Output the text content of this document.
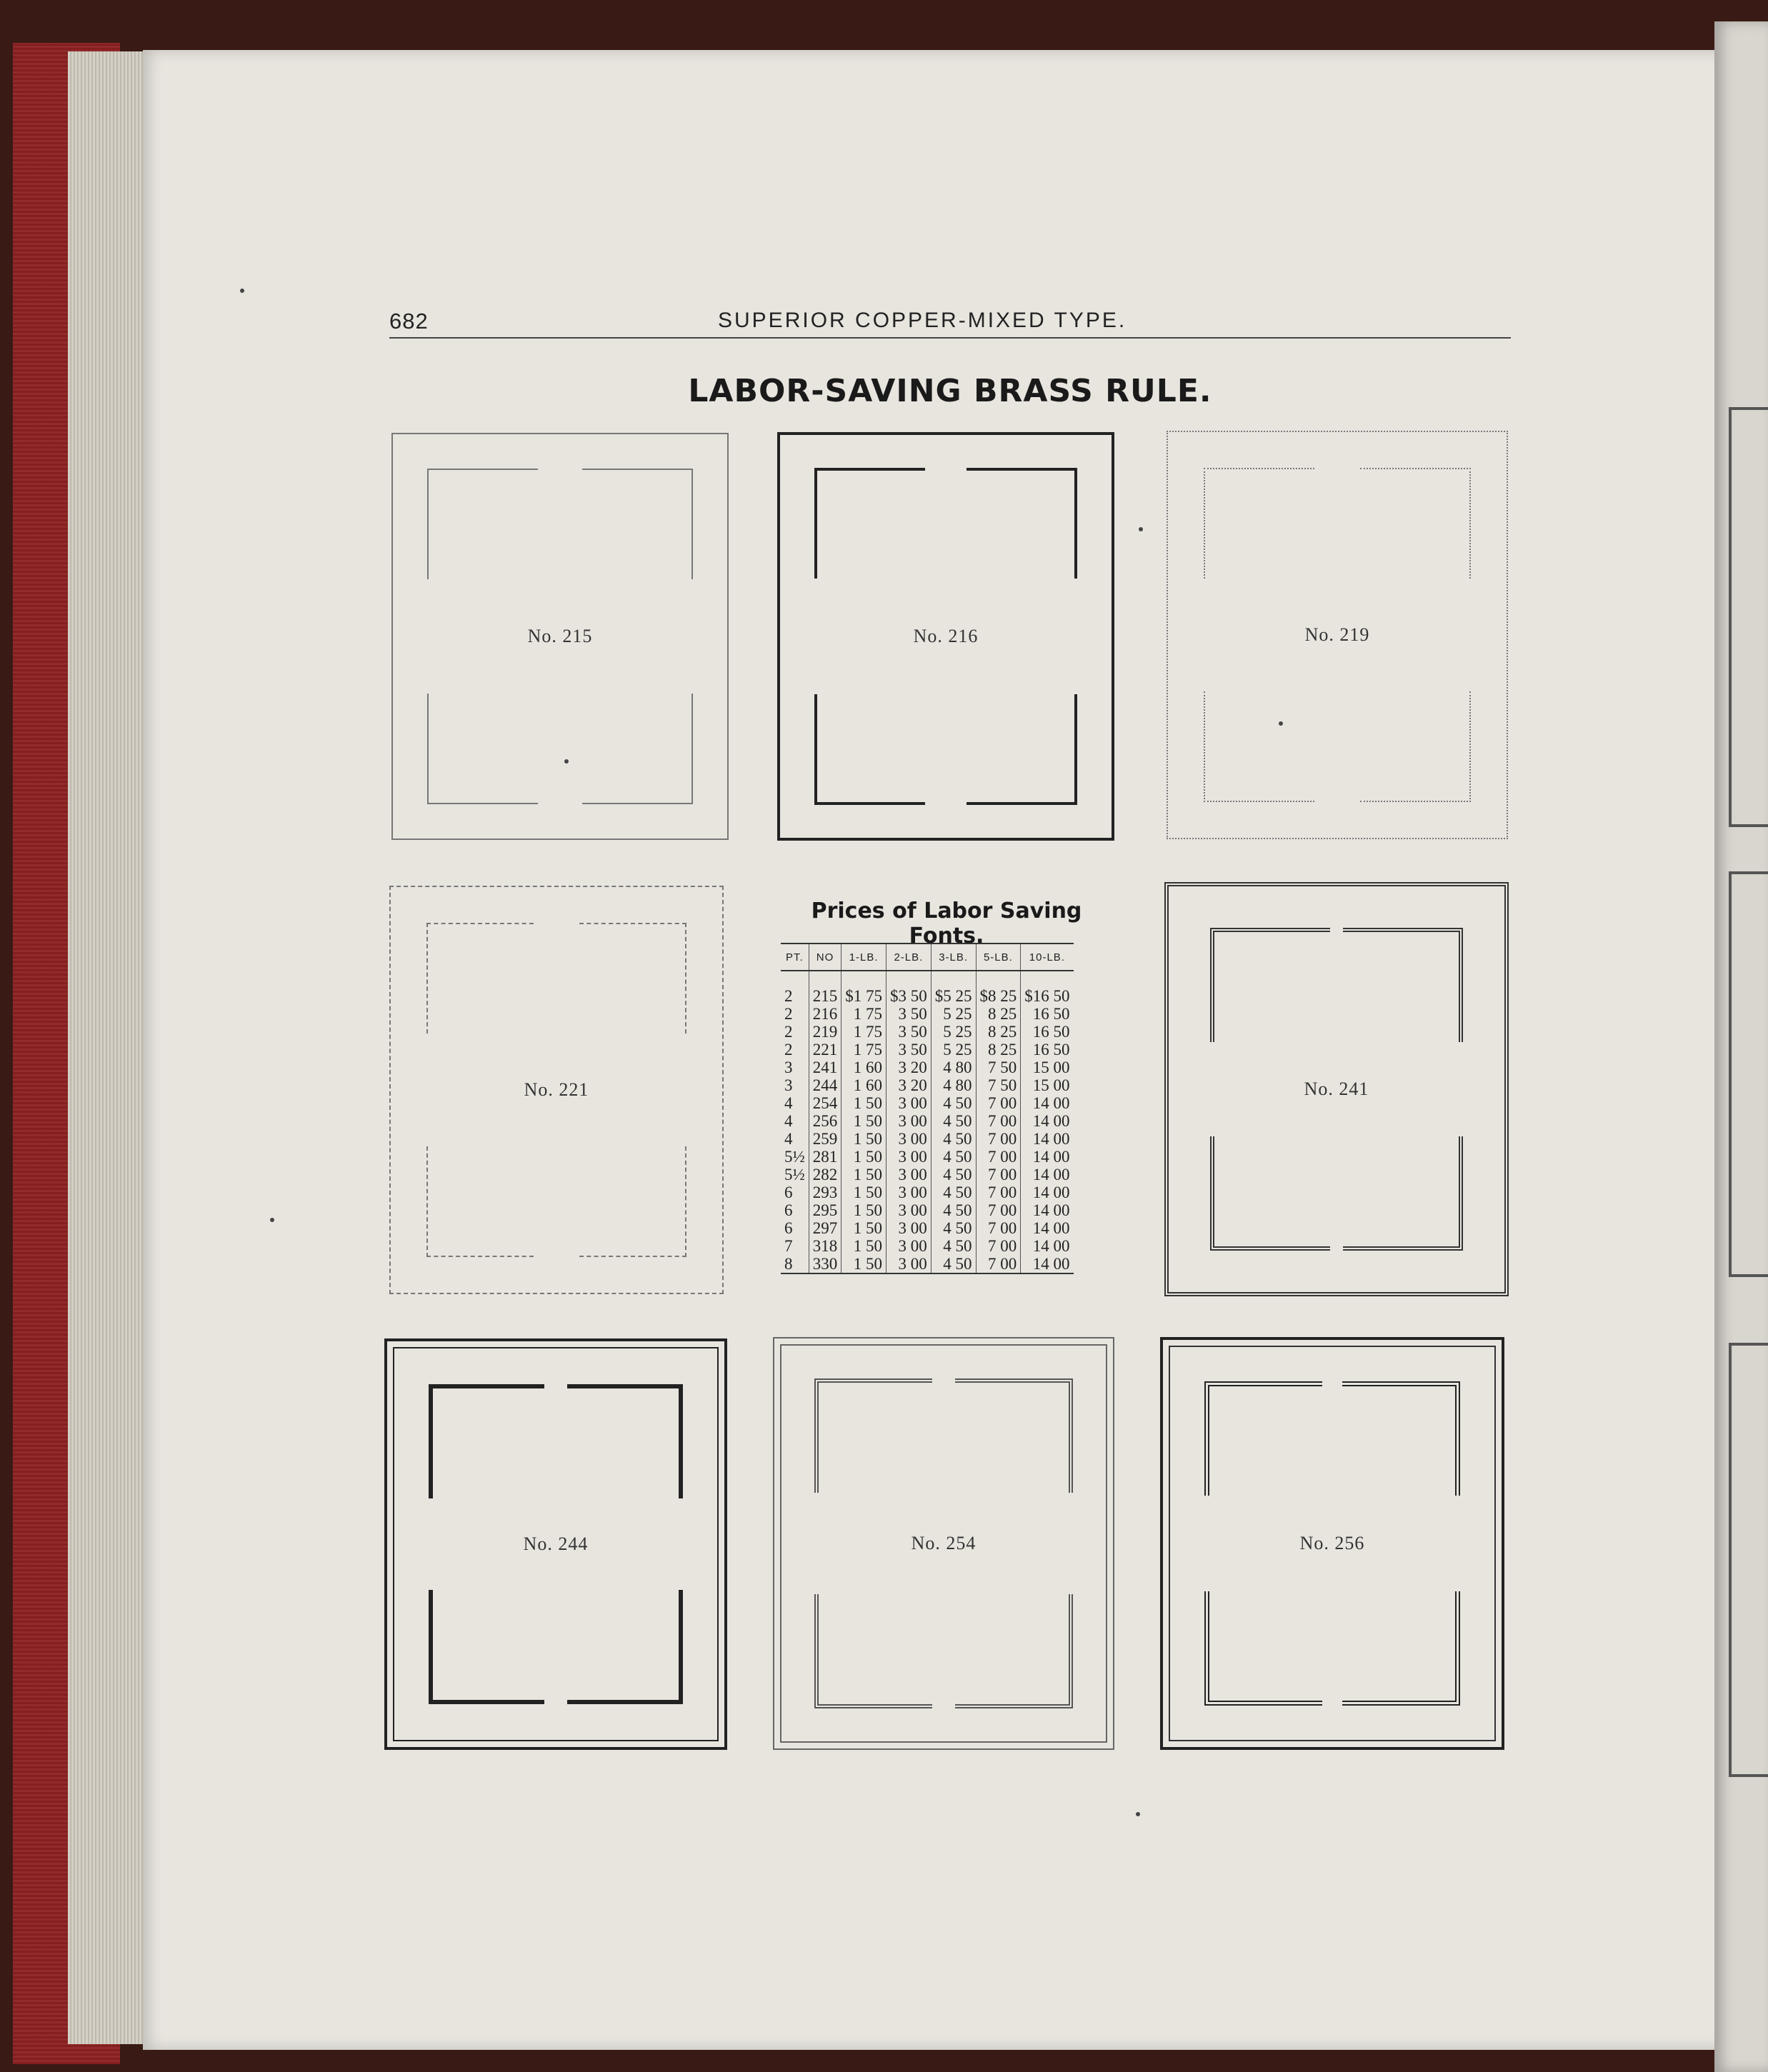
682	SUPERIOR COPPER-MIXED TYPE.
LABOR-SAVING BRASS RULE.
No. 215	No. 216	No. 219
No. 221
Prices of Labor Saving Fonts.
PT.	NO	1-LB.	2-LB.	3-LB.	5-LB.	10-LB.

2	215	$1 75	$3 50	$5 25	$8 25	$16 50
2	216	1 75	3 50	5 25	8 25	16 50
2	219	1 75	3 50	5 25	8 25	16 50
2	221	1 75	3 50	5 25	8 25	16 50
3	241	1 60	3 20	4 80	7 50	15 00
3	244	1 60	3 20	4 80	7 50	15 00
4	254	1 50	3 00	4 50	7 00	14 00
4	256	1 50	3 00	4 50	7 00	14 00
4	259	1 50	3 00	4 50	7 00	14 00
5½	281	1 50	3 00	4 50	7 00	14 00
5½	282	1 50	3 00	4 50	7 00	14 00
6	293	1 50	3 00	4 50	7 00	14 00
6	295	1 50	3 00	4 50	7 00	14 00
6	297	1 50	3 00	4 50	7 00	14 00
7	318	1 50	3 00	4 50	7 00	14 00
8	330	1 50	3 00	4 50	7 00	14 00
No. 241
No. 244	No. 254	No. 256
